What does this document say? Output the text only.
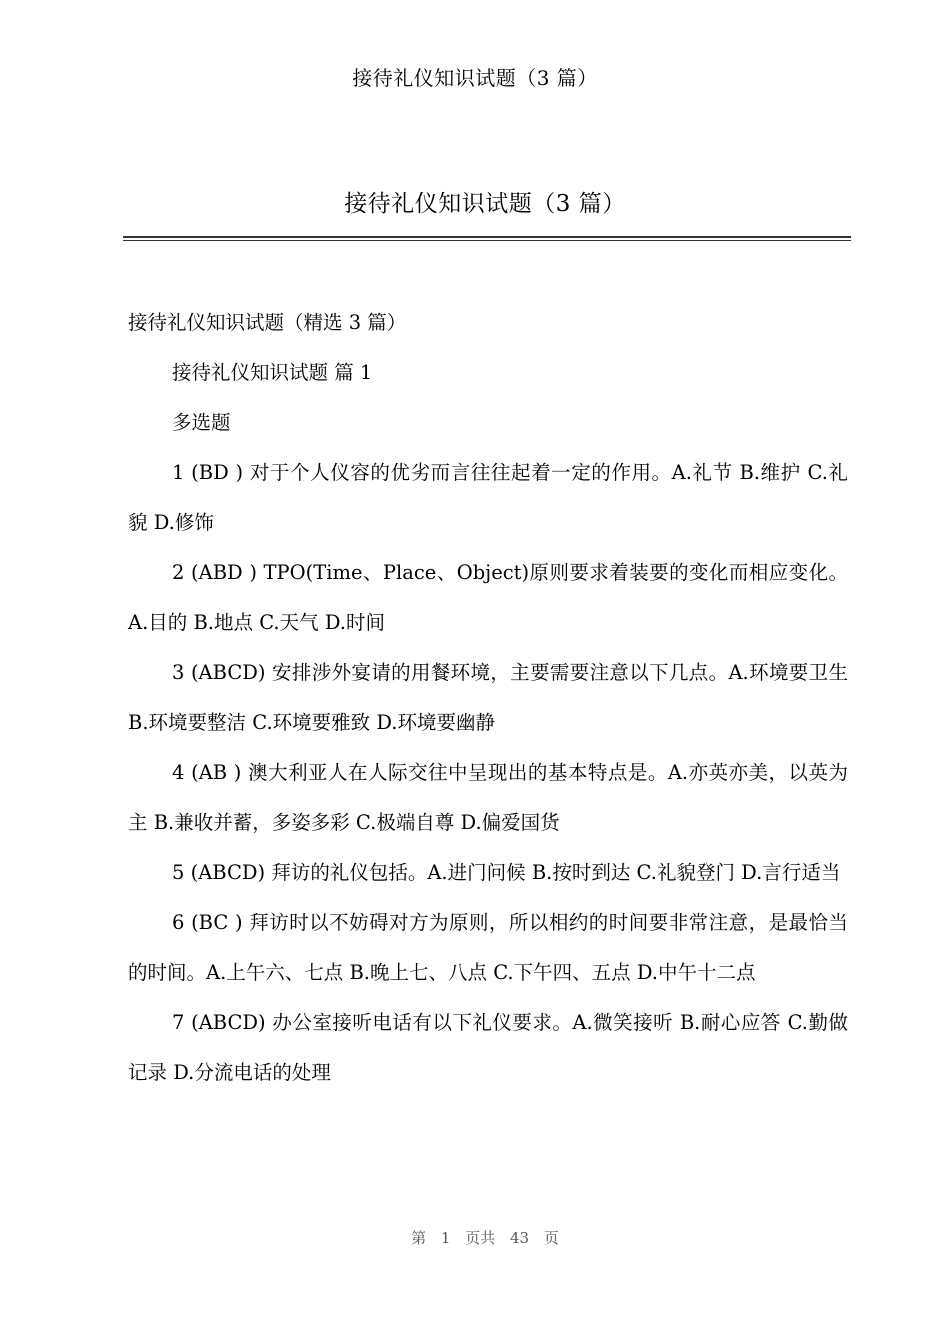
接待礼仪知识试题（3 篇）
接待礼仪知识试题（3 篇）

接待礼仪知识试题（精选 3 篇）

接待礼仪知识试题 篇 1

多选题

1 (BD ) 对于个人仪容的优劣而言往往起着一定的作用。A.礼节 B.维护 C.礼貌 D.修饰

2 (ABD ) TPO(Time、Place、Object)原则要求着装要的变化而相应变化。A.目的 B.地点 C.天气 D.时间

3 (ABCD) 安排涉外宴请的用餐环境，主要需要注意以下几点。A.环境要卫生 B.环境要整洁 C.环境要雅致 D.环境要幽静

4 (AB ) 澳大利亚人在人际交往中呈现出的基本特点是。A.亦英亦美，以英为主 B.兼收并蓄，多姿多彩 C.极端自尊 D.偏爱国货

5 (ABCD) 拜访的礼仪包括。A.进门问候 B.按时到达 C.礼貌登门 D.言行适当

6 (BC ) 拜访时以不妨碍对方为原则，所以相约的时间要非常注意，是最恰当的时间。A.上午六、七点 B.晚上七、八点 C.下午四、五点 D.中午十二点

7 (ABCD) 办公室接听电话有以下礼仪要求。A.微笑接听 B.耐心应答 C.勤做记录 D.分流电话的处理

第 1 页共 43 页
